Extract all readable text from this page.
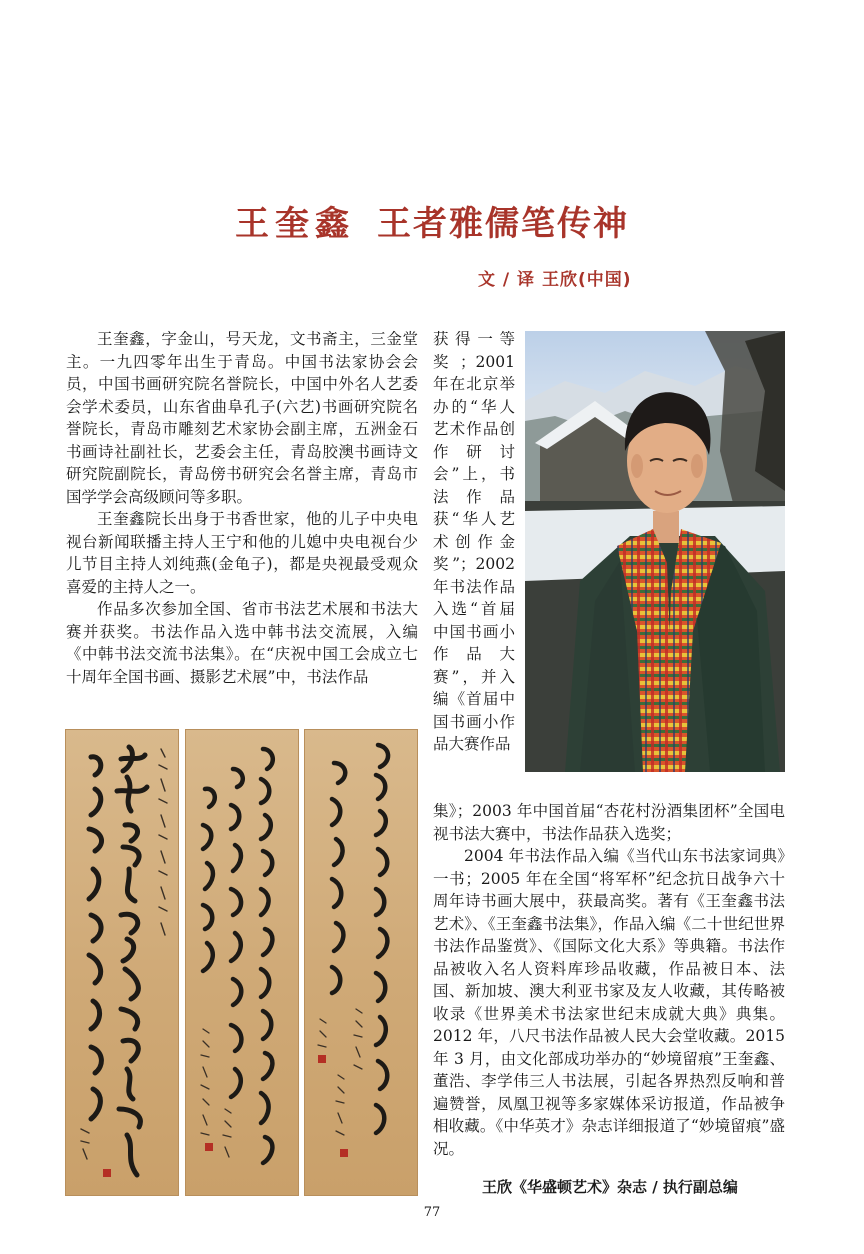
王奎鑫 王者雅儒笔传神
文 / 译 王欣(中国)

王奎鑫，字金山，号天龙，文书斋主，三金堂主。一九四零年出生于青岛。中国书法家协会会员，中国书画研究院名誉院长，中国中外名人艺委会学术委员，山东省曲阜孔子(六艺)书画研究院名誉院长，青岛市雕刻艺术家协会副主席，五洲金石书画诗社副社长，艺委会主任，青岛胶澳书画诗文研究院副院长，青岛傍书研究会名誉主席，青岛市国学学会高级顾问等多职。

王奎鑫院长出身于书香世家，他的儿子中央电视台新闻联播主持人王宁和他的儿媳中央电视台少儿节目主持人刘纯燕(金龟子)，都是央视最受观众喜爱的主持人之一。

作品多次参加全国、省市书法艺术展和书法大赛并获奖。书法作品入选中韩书法交流展，入编《中韩书法交流书法集》。在“庆祝中国工会成立七十周年全国书画、摄影艺术展”中，书法作品

获得一等奖；2001 年在北京举办的“华人艺术作品创作研讨会”上，书法作品获“华人艺术创作金奖”；2002年书法作品入选“首届中国书画小作品大赛”，并入编《首届中国书画小作品大赛作品

集》；2003 年中国首届“杏花村汾酒集团杯”全国电视书法大赛中，书法作品获入选奖；

2004 年书法作品入编《当代山东书法家词典》一书；2005 年在全国“将军杯”纪念抗日战争六十周年诗书画大展中，获最高奖。著有《王奎鑫书法艺术》、《王奎鑫书法集》，作品入编《二十世纪世界书法作品鉴赏》、《国际文化大系》等典籍。书法作品被收入名人资料库珍品收藏，作品被日本、法国、新加坡、澳大利亚书家及友人收藏，其传略被收录《世界美术书法家世纪末成就大典》典集。2012 年，八尺书法作品被人民大会堂收藏。2015 年 3 月，由文化部成功举办的“妙境留痕”王奎鑫、董浩、李学伟三人书法展，引起各界热烈反响和普遍赞誉，凤凰卫视等多家媒体采访报道，作品被争相收藏。《中华英才》杂志详细报道了“妙境留痕”盛况。

王欣《华盛顿艺术》杂志 / 执行副总编
77
